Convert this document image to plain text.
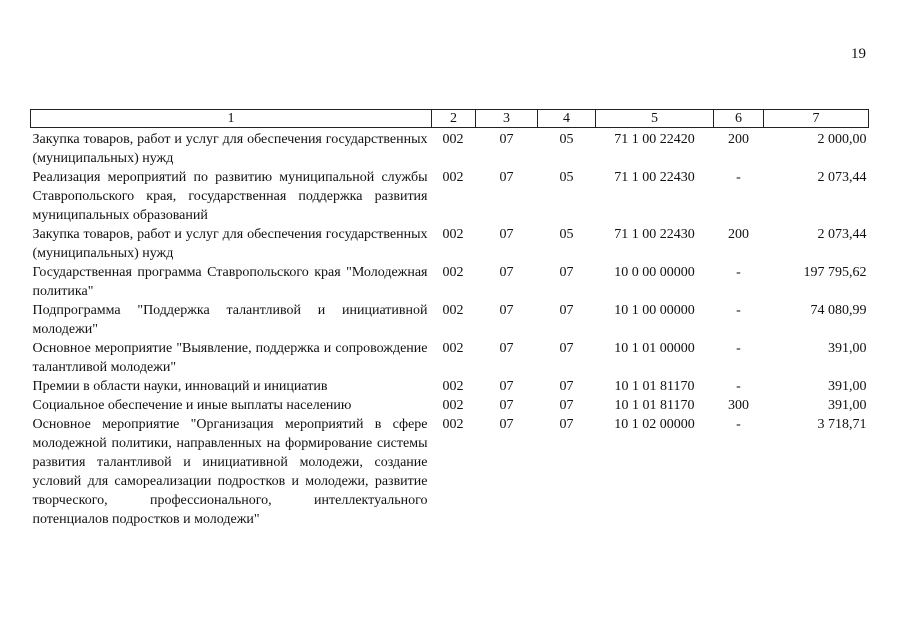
19
1	2	3	4	5	6	7
Закупка товаров, работ и услуг для обеспечения государственных (муниципальных) нужд	002	07	05	71 1 00 22420	200	2 000,00
Реализация мероприятий по развитию муниципальной службы Ставропольского края, государственная поддержка развития муниципальных образований	002	07	05	71 1 00 22430	-	2 073,44
Закупка товаров, работ и услуг для обеспечения государственных (муниципальных) нужд	002	07	05	71 1 00 22430	200	2 073,44
Государственная программа Ставропольского края "Молодежная политика"	002	07	07	10 0 00 00000	-	197 795,62
Подпрограмма "Поддержка талантливой и инициативной молодежи"	002	07	07	10 1 00 00000	-	74 080,99
Основное мероприятие "Выявление, поддержка и сопровождение талантливой молодежи"	002	07	07	10 1 01 00000	-	391,00
Премии в области науки, инноваций и инициатив	002	07	07	10 1 01 81170	-	391,00
Социальное обеспечение и иные выплаты населению	002	07	07	10 1 01 81170	300	391,00
Основное мероприятие "Организация мероприятий в сфере молодежной политики, направленных на формирование системы развития талантливой и инициативной молодежи, создание условий для самореализации подростков и молодежи, развитие творческого, профессионального, интеллектуального потенциалов подростков и молодежи"	002	07	07	10 1 02 00000	-	3 718,71
